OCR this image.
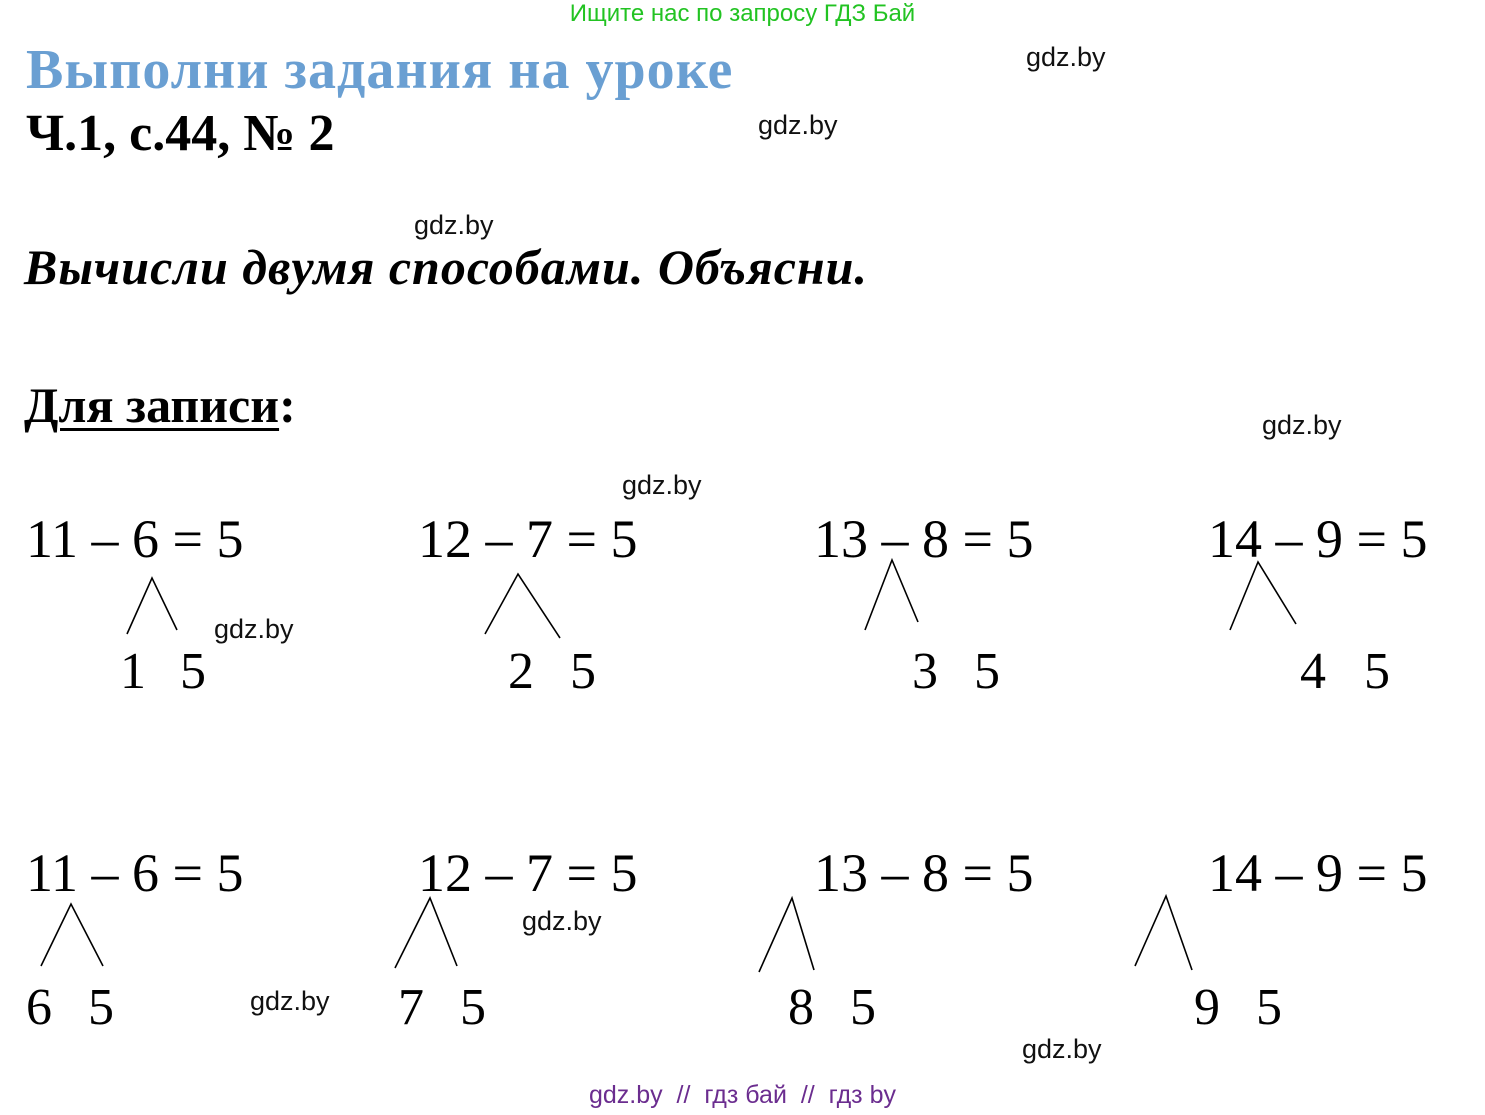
Ищите нас по запросу ГДЗ Бай
Выполни задания на уроке
Ч.1, с.44, № 2
Вычисли двумя способами. Объясни.
Для записи:
gdz.by
gdz.by
gdz.by
gdz.by
gdz.by
gdz.by
gdz.by
gdz.by
gdz.by
11 – 6 = 5	12 – 7 = 5	13 – 8 = 5	14 – 9 = 5
1 5	2 5	3 5	4 5
11 – 6 = 5	12 – 7 = 5	13 – 8 = 5	14 – 9 = 5
6 5	7 5	8 5	9 5
gdz.by  //  гдз бай  //  гдз by
